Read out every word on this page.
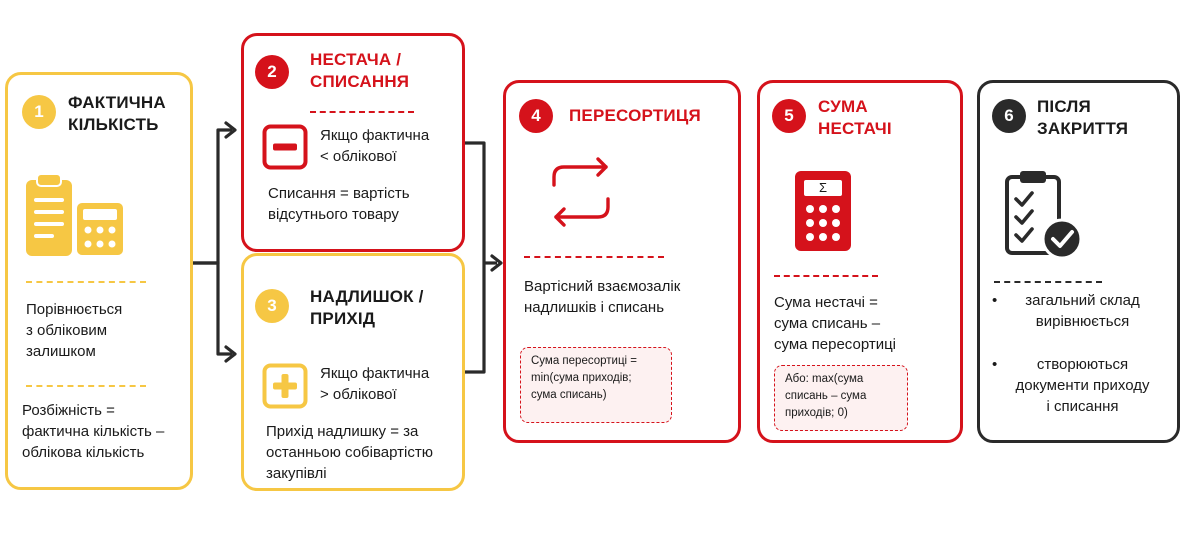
1	ФАКТИЧНА
КІЛЬКІСТЬ
Порівнюється
з обліковим
залишком
Розбіжність =
фактична кількість –
облікова кількість
2
НЕСТАЧА /
СПИСАННЯ
Якщо фактична
< облікової
Списання = вартість
відсутнього товару
3	НАДЛИШОК /
ПРИХІД
Якщо фактична
> облікової
Прихід надлишку = за
останньою собівартістю
закупівлі
4	ПЕРЕСОРТИЦЯ
Вартісний взаємозалік
надлишків і списань
Сума пересортиці =
min(сума приходів;
сума списань)
5	СУМА
НЕСТАЧІ
Σ
Сума нестачі =
сума списань –
сума пересортиці
Або: max(сума
списань – сума
приходів; 0)
6	ПІСЛЯ
ЗАКРИТТЯ
•	загальний склад
вирівнюється
•	створюються
документи приходу
і списання
